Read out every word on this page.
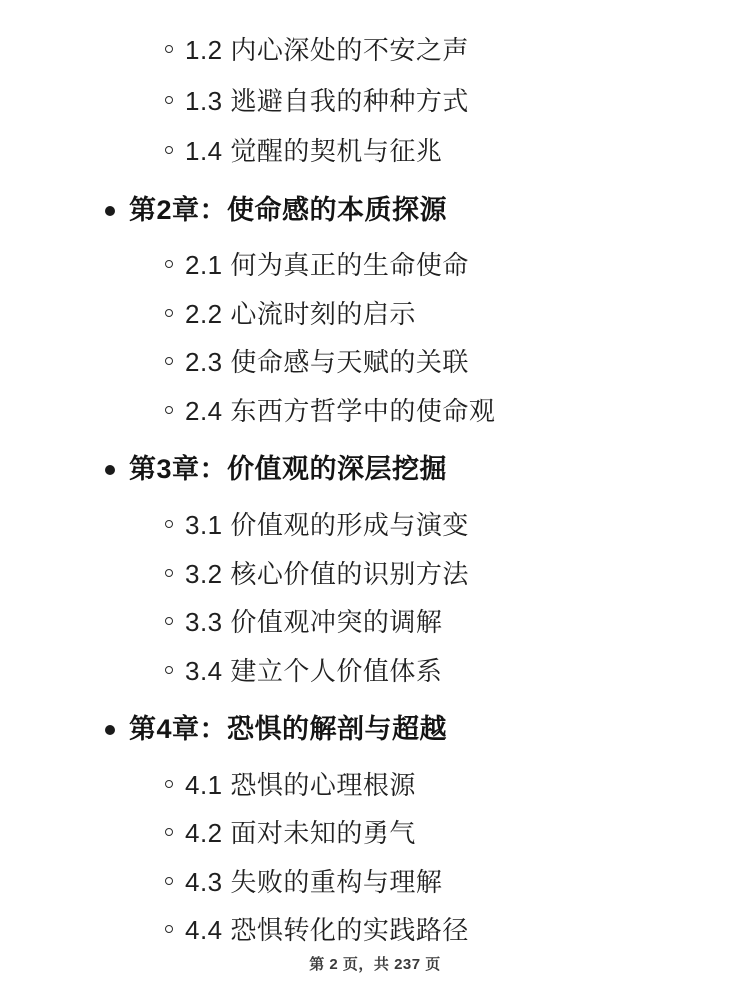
1.2 内心深处的不安之声
1.3 逃避自我的种种方式
1.4 觉醒的契机与征兆
第2章：使命感的本质探源
2.1 何为真正的生命使命
2.2 心流时刻的启示
2.3 使命感与天赋的关联
2.4 东西方哲学中的使命观
第3章：价值观的深层挖掘
3.1 价值观的形成与演变
3.2 核心价值的识别方法
3.3 价值观冲突的调解
3.4 建立个人价值体系
第4章：恐惧的解剖与超越
4.1 恐惧的心理根源
4.2 面对未知的勇气
4.3 失败的重构与理解
4.4 恐惧转化的实践路径
第 2 页，共 237 页
